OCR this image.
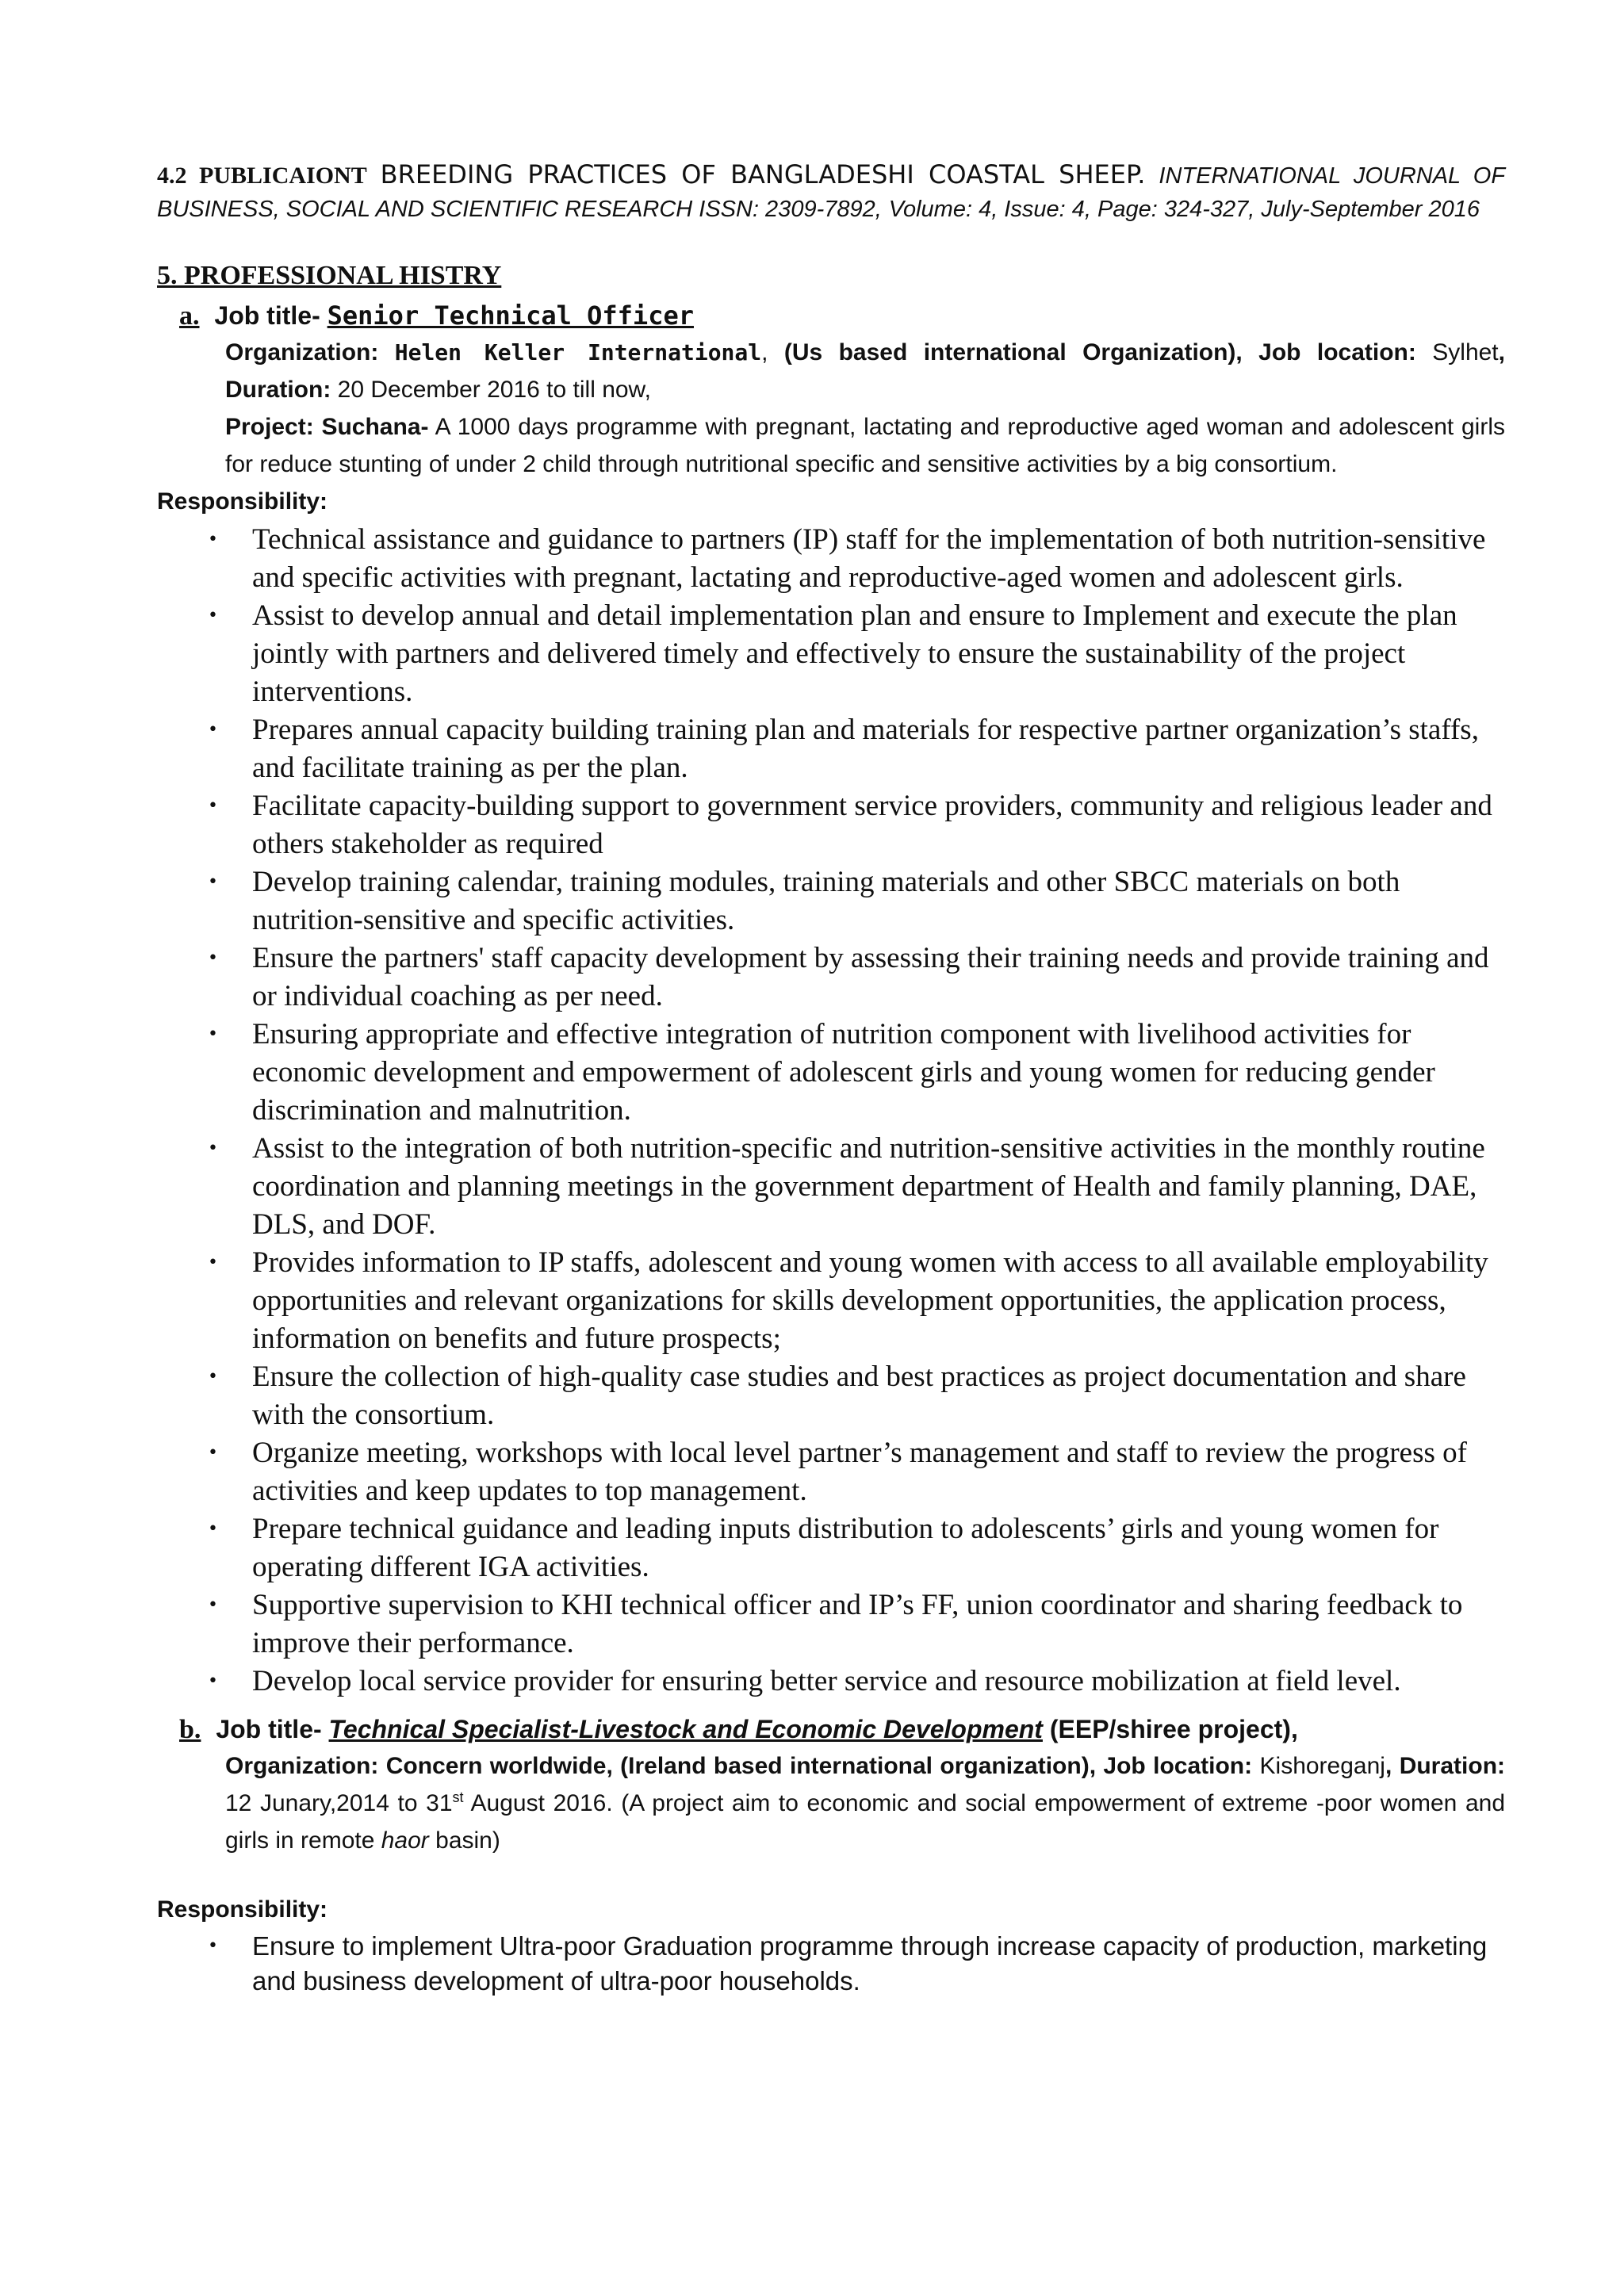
4.2 PUBLICAIONT BREEDING PRACTICES OF BANGLADESHI COASTAL SHEEP. INTERNATIONAL JOURNAL OF BUSINESS, SOCIAL AND SCIENTIFIC RESEARCH ISSN: 2309-7892, Volume: 4, Issue: 4, Page: 324-327, July-September 2016

5. PROFESSIONAL HISTRY
a. Job title- Senior Technical Officer
Organization: Helen Keller International, (Us based international Organization), Job location: Sylhet, Duration: 20 December 2016 to till now,
Project: Suchana- A 1000 days programme with pregnant, lactating and reproductive aged woman and adolescent girls for reduce stunting of under 2 child through nutritional specific and sensitive activities by a big consortium.
Responsibility:
• Technical assistance and guidance to partners (IP) staff for the implementation of both nutrition-sensitive and specific activities with pregnant, lactating and reproductive-aged women and adolescent girls.
• Assist to develop annual and detail implementation plan and ensure to Implement and execute the plan jointly with partners and delivered timely and effectively to ensure the sustainability of the project interventions.
• Prepares annual capacity building training plan and materials for respective partner organization’s staffs, and facilitate training as per the plan.
• Facilitate capacity-building support to government service providers, community and religious leader and others stakeholder as required
• Develop training calendar, training modules, training materials and other SBCC materials on both nutrition-sensitive and specific activities.
• Ensure the partners' staff capacity development by assessing their training needs and provide training and or individual coaching as per need.
• Ensuring appropriate and effective integration of nutrition component with livelihood activities for economic development and empowerment of adolescent girls and young women for reducing gender discrimination and malnutrition.
• Assist to the integration of both nutrition-specific and nutrition-sensitive activities in the monthly routine coordination and planning meetings in the government department of Health and family planning, DAE, DLS, and DOF.
• Provides information to IP staffs, adolescent and young women with access to all available employability opportunities and relevant organizations for skills development opportunities, the application process, information on benefits and future prospects;
• Ensure the collection of high-quality case studies and best practices as project documentation and share with the consortium.
• Organize meeting, workshops with local level partner’s management and staff to review the progress of activities and keep updates to top management.
• Prepare technical guidance and leading inputs distribution to adolescents’ girls and young women for operating different IGA activities.
• Supportive supervision to KHI technical officer and IP’s FF, union coordinator and sharing feedback to improve their performance.
• Develop local service provider for ensuring better service and resource mobilization at field level.
b. Job title- Technical Specialist-Livestock and Economic Development (EEP/shiree project),
Organization: Concern worldwide, (Ireland based international organization), Job location: Kishoreganj, Duration: 12 Junary,2014 to 31st August 2016. (A project aim to economic and social empowerment of extreme -poor women and girls in remote haor basin)
Responsibility:
• Ensure to implement Ultra-poor Graduation programme through increase capacity of production, marketing and business development of ultra-poor households.
